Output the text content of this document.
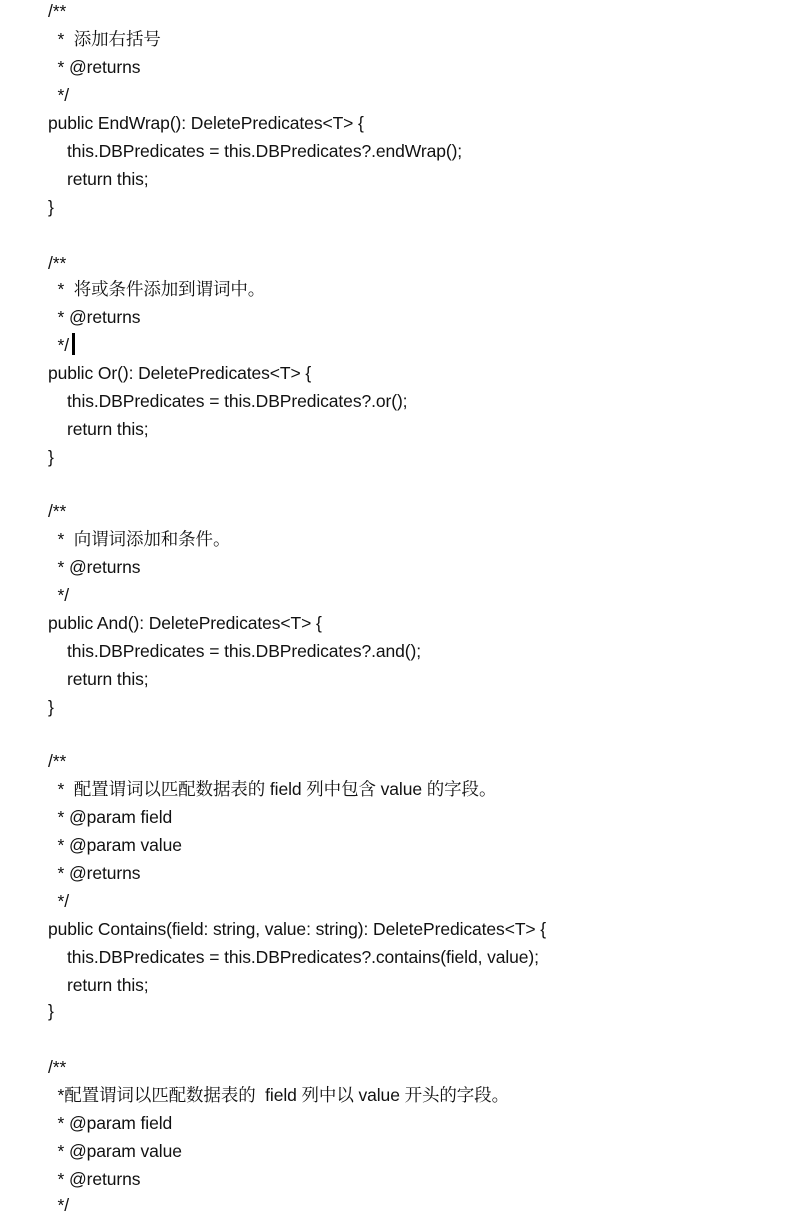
/**
*  添加右括号
* @returns
*/
public EndWrap(): DeletePredicates<T> {
this.DBPredicates = this.DBPredicates?.endWrap();
return this;
}
/**
*  将或条件添加到谓词中。
* @returns
*/
public Or(): DeletePredicates<T> {
this.DBPredicates = this.DBPredicates?.or();
return this;
}
/**
*  向谓词添加和条件。
* @returns
*/
public And(): DeletePredicates<T> {
this.DBPredicates = this.DBPredicates?.and();
return this;
}
/**
*  配置谓词以匹配数据表的 field 列中包含 value 的字段。
* @param field
* @param value
* @returns
*/
public Contains(field: string, value: string): DeletePredicates<T> {
this.DBPredicates = this.DBPredicates?.contains(field, value);
return this;
}
/**
*配置谓词以匹配数据表的  field 列中以 value 开头的字段。
* @param field
* @param value
* @returns
*/
